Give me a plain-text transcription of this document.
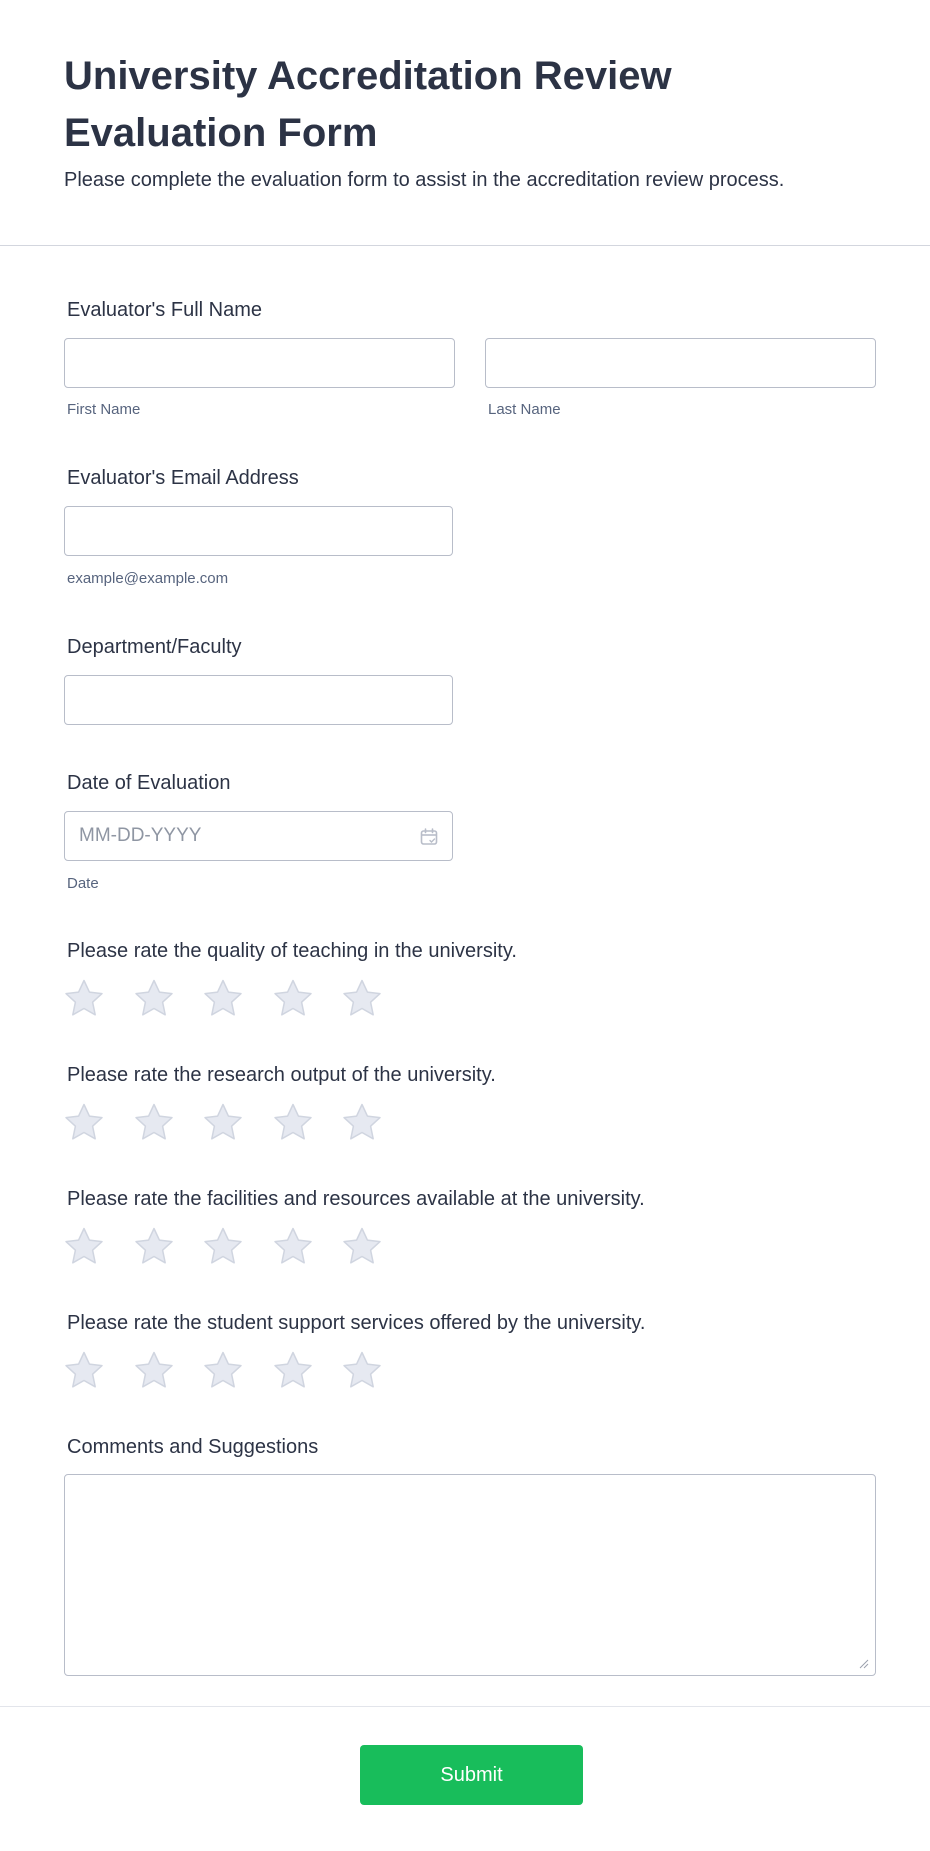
University Accreditation Review Evaluation Form

Please complete the evaluation form to assist in the accreditation review process.

Evaluator's Full Name
First Name	Last Name
Evaluator's Email Address
example@example.com
Department/Faculty
Date of Evaluation
MM-DD-YYYY
Date
Please rate the quality of teaching in the university.
Please rate the research output of the university.
Please rate the facilities and resources available at the university.
Please rate the student support services offered by the university.
Comments and Suggestions
Submit
